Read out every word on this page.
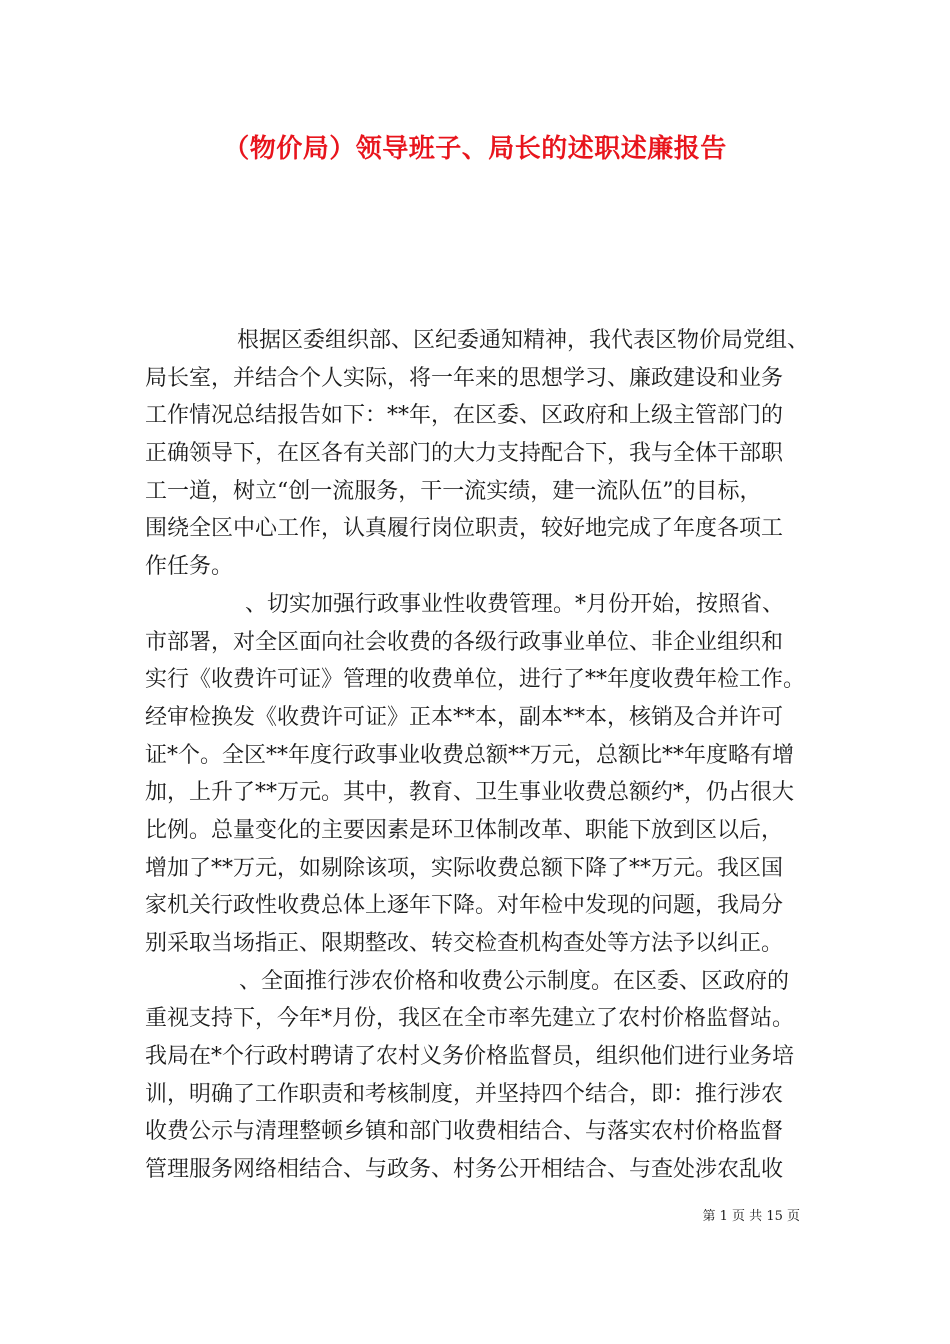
（物价局）领导班子、局长的述职述廉报告
根据区委组织部、区纪委通知精神，我代表区物价局党组、
局长室，并结合个人实际，将一年来的思想学习、廉政建设和业务
工作情况总结报告如下：**年，在区委、区政府和上级主管部门的
正确领导下，在区各有关部门的大力支持配合下，我与全体干部职
工一道，树立“创一流服务，干一流实绩，建一流队伍”的目标，
围绕全区中心工作，认真履行岗位职责，较好地完成了年度各项工
作任务。
、切实加强行政事业性收费管理。*月份开始，按照省、
市部署，对全区面向社会收费的各级行政事业单位、非企业组织和
实行《收费许可证》管理的收费单位，进行了**年度收费年检工作。
经审检换发《收费许可证》正本**本，副本**本，核销及合并许可
证*个。全区**年度行政事业收费总额**万元，总额比**年度略有增
加，上升了**万元。其中，教育、卫生事业收费总额约*，仍占很大
比例。总量变化的主要因素是环卫体制改革、职能下放到区以后，
增加了**万元，如剔除该项，实际收费总额下降了**万元。我区国
家机关行政性收费总体上逐年下降。对年检中发现的问题，我局分
别采取当场指正、限期整改、转交检查机构查处等方法予以纠正。
、全面推行涉农价格和收费公示制度。在区委、区政府的
重视支持下，今年*月份，我区在全市率先建立了农村价格监督站。
我局在*个行政村聘请了农村义务价格监督员，组织他们进行业务培
训，明确了工作职责和考核制度，并坚持四个结合，即：推行涉农
收费公示与清理整顿乡镇和部门收费相结合、与落实农村价格监督
管理服务网络相结合、与政务、村务公开相结合、与查处涉农乱收
第 1 页 共 15 页
